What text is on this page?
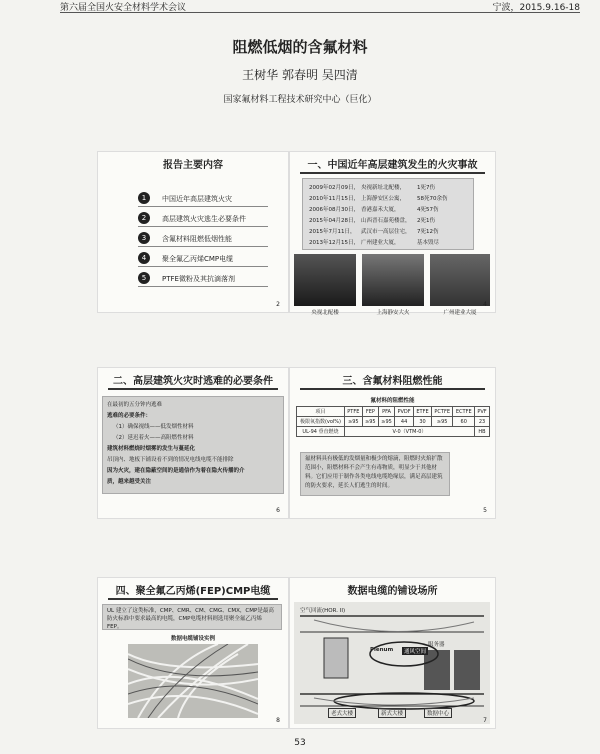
第六届全国火安全材料学术会议	宁波，2015.9.16-18
阻燃低烟的含氟材料
王树华 郭春明 吴四清
国家氟材料工程技术研究中心（巨化）
报告主要内容
1	中国近年高层建筑火灾
2	高层建筑火灾逃生必要条件
3	含氟材料阻燃低烟性能
4	聚全氟乙丙烯CMP电缆
5	PTFE微粉及其抗滴落剂
2
一、中国近年高层建筑发生的火灾事故
2009年02月09日， 央视新址北配楼， 1死7伤
2010年11月15日， 上海静安区公寓， 58死70余伤
2006年08月30日， 香港嘉禾大厦，	4死57伤
2015年04月28日， 山西晋石嘉苑楼盘， 2死1伤
2015年7月11日， 武汉市一高层住宅， 7死12伤
2013年12月15日， 广州建业大厦，	基本毁尽
央视北配楼	上海静安大火	广州建业大厦
4
二、高层建筑火灾时逃难的必要条件
在最初的五分钟内逃难
逃难的必要条件：
（1）确保视线——低发烟性材料
（2）延迟着火——高阻燃性材料
建筑材料燃烧时烟雾的发生与蔓延化
吊顶内、地板下铺设看不到的情况电线电缆不能排除
因为火灾，建在隐蔽空间的是通信作为着在隐火传播的介
质，越来越受关注
6
三、含氟材料阻燃性能
氟材料的阻燃性能
项目	PTFE	FEP	PFA	PVDF	ETFE	PCTFE	ECTFE	PVF
极限氧指数(vol%)	≥95	≥95	≥95	44	30	≥95	60	23
UL-94 垂直燃烧	V-0（VTM-0）							HB
氟材料具有极低的发烟量和极少的熔滴，阻燃时火焰扩散范围小，阻燃材料不会产生有毒物质，明显少于其他材料。它们应用于制作各类电线电缆绝缘层，满足高层建筑的防火要求，延长人们逃生的时间。
5
四、聚全氟乙丙烯(FEP)CMP电缆
UL 建立了这类标准，CMP、CMR、CM、CMG、CMX，CMP是最高防火标准中要求最高的电缆，CMP电缆材料则选用聚全氟乙丙烯FEP。
数据电缆铺设实例
8
数据电缆的铺设场所
空气回流(HOR. II)
Plenum	通风空间
服务器
老式大楼	新式大楼	数据中心
7
53
